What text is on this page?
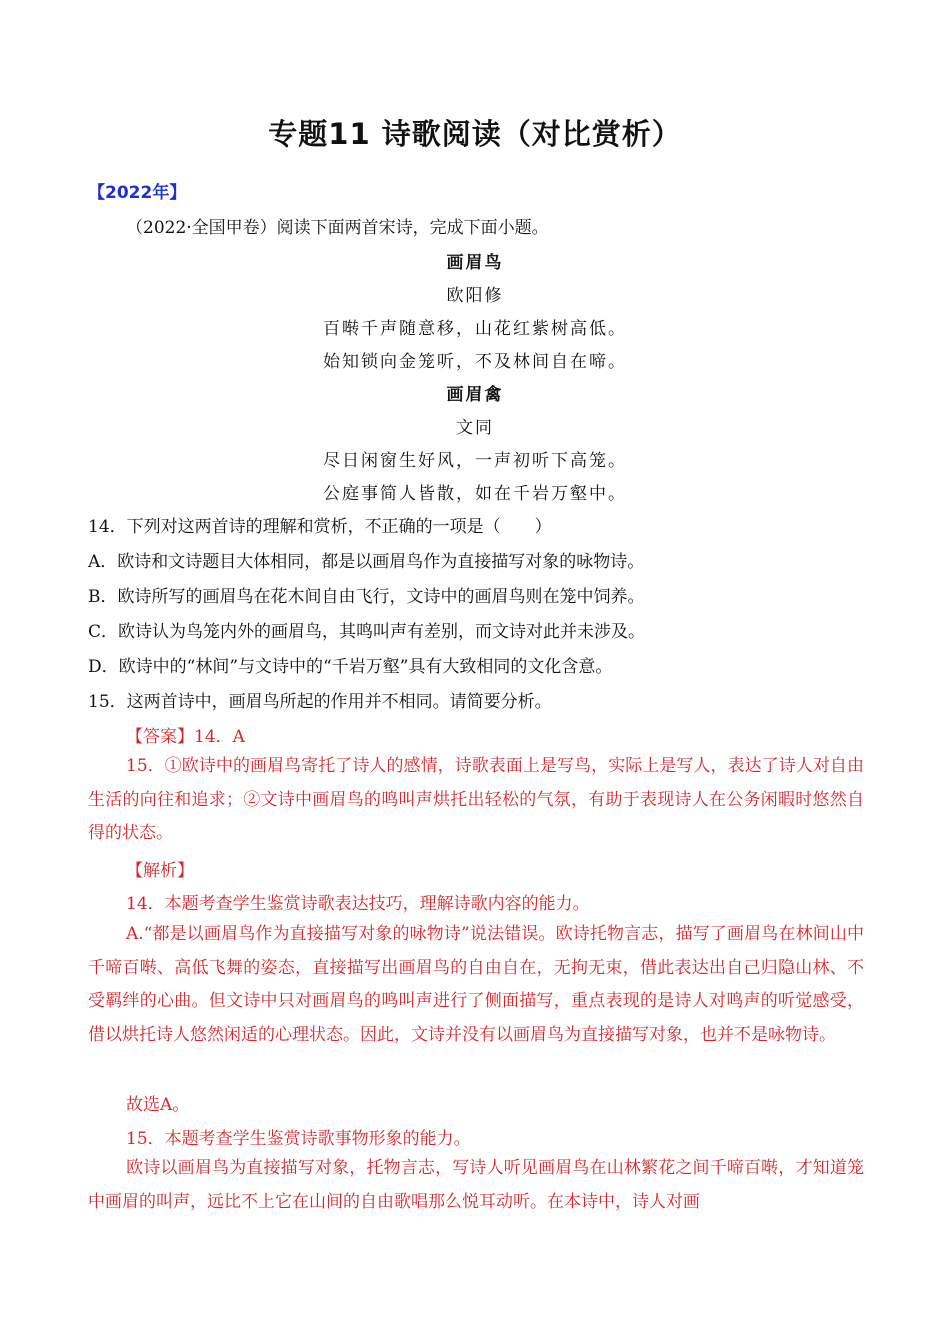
专题11 诗歌阅读（对比赏析）
【2022年】
（2022·全国甲卷）阅读下面两首宋诗，完成下面小题。
画眉鸟
欧阳修
百啭千声随意移，山花红紫树高低。
始知锁向金笼听，不及林间自在啼。
画眉禽
文同
尽日闲窗生好风，一声初听下高笼。
公庭事简人皆散，如在千岩万壑中。
14．下列对这两首诗的理解和赏析，不正确的一项是（　　）
A．欧诗和文诗题目大体相同，都是以画眉鸟作为直接描写对象的咏物诗。
B．欧诗所写的画眉鸟在花木间自由飞行，文诗中的画眉鸟则在笼中饲养。
C．欧诗认为鸟笼内外的画眉鸟，其鸣叫声有差别，而文诗对此并未涉及。
D．欧诗中的“林间”与文诗中的“千岩万壑”具有大致相同的文化含意。
15．这两首诗中，画眉鸟所起的作用并不相同。请简要分析。
【答案】14．A
15．①欧诗中的画眉鸟寄托了诗人的感情，诗歌表面上是写鸟，实际上是写人，表达了诗人对自由生活的向往和追求；②文诗中画眉鸟的鸣叫声烘托出轻松的气氛，有助于表现诗人在公务闲暇时悠然自得的状态。
【解析】
14．本题考查学生鉴赏诗歌表达技巧，理解诗歌内容的能力。
A.“都是以画眉鸟作为直接描写对象的咏物诗”说法错误。欧诗托物言志，描写了画眉鸟在林间山中千啼百啭、高低飞舞的姿态，直接描写出画眉鸟的自由自在，无拘无束，借此表达出自己归隐山林、不受羁绊的心曲。但文诗中只对画眉鸟的鸣叫声进行了侧面描写，重点表现的是诗人对鸣声的听觉感受，借以烘托诗人悠然闲适的心理状态。因此，文诗并没有以画眉鸟为直接描写对象，也并不是咏物诗。
故选A。
15．本题考查学生鉴赏诗歌事物形象的能力。
欧诗以画眉鸟为直接描写对象，托物言志，写诗人听见画眉鸟在山林繁花之间千啼百啭，才知道笼中画眉的叫声，远比不上它在山间的自由歌唱那么悦耳动听。在本诗中，诗人对画
